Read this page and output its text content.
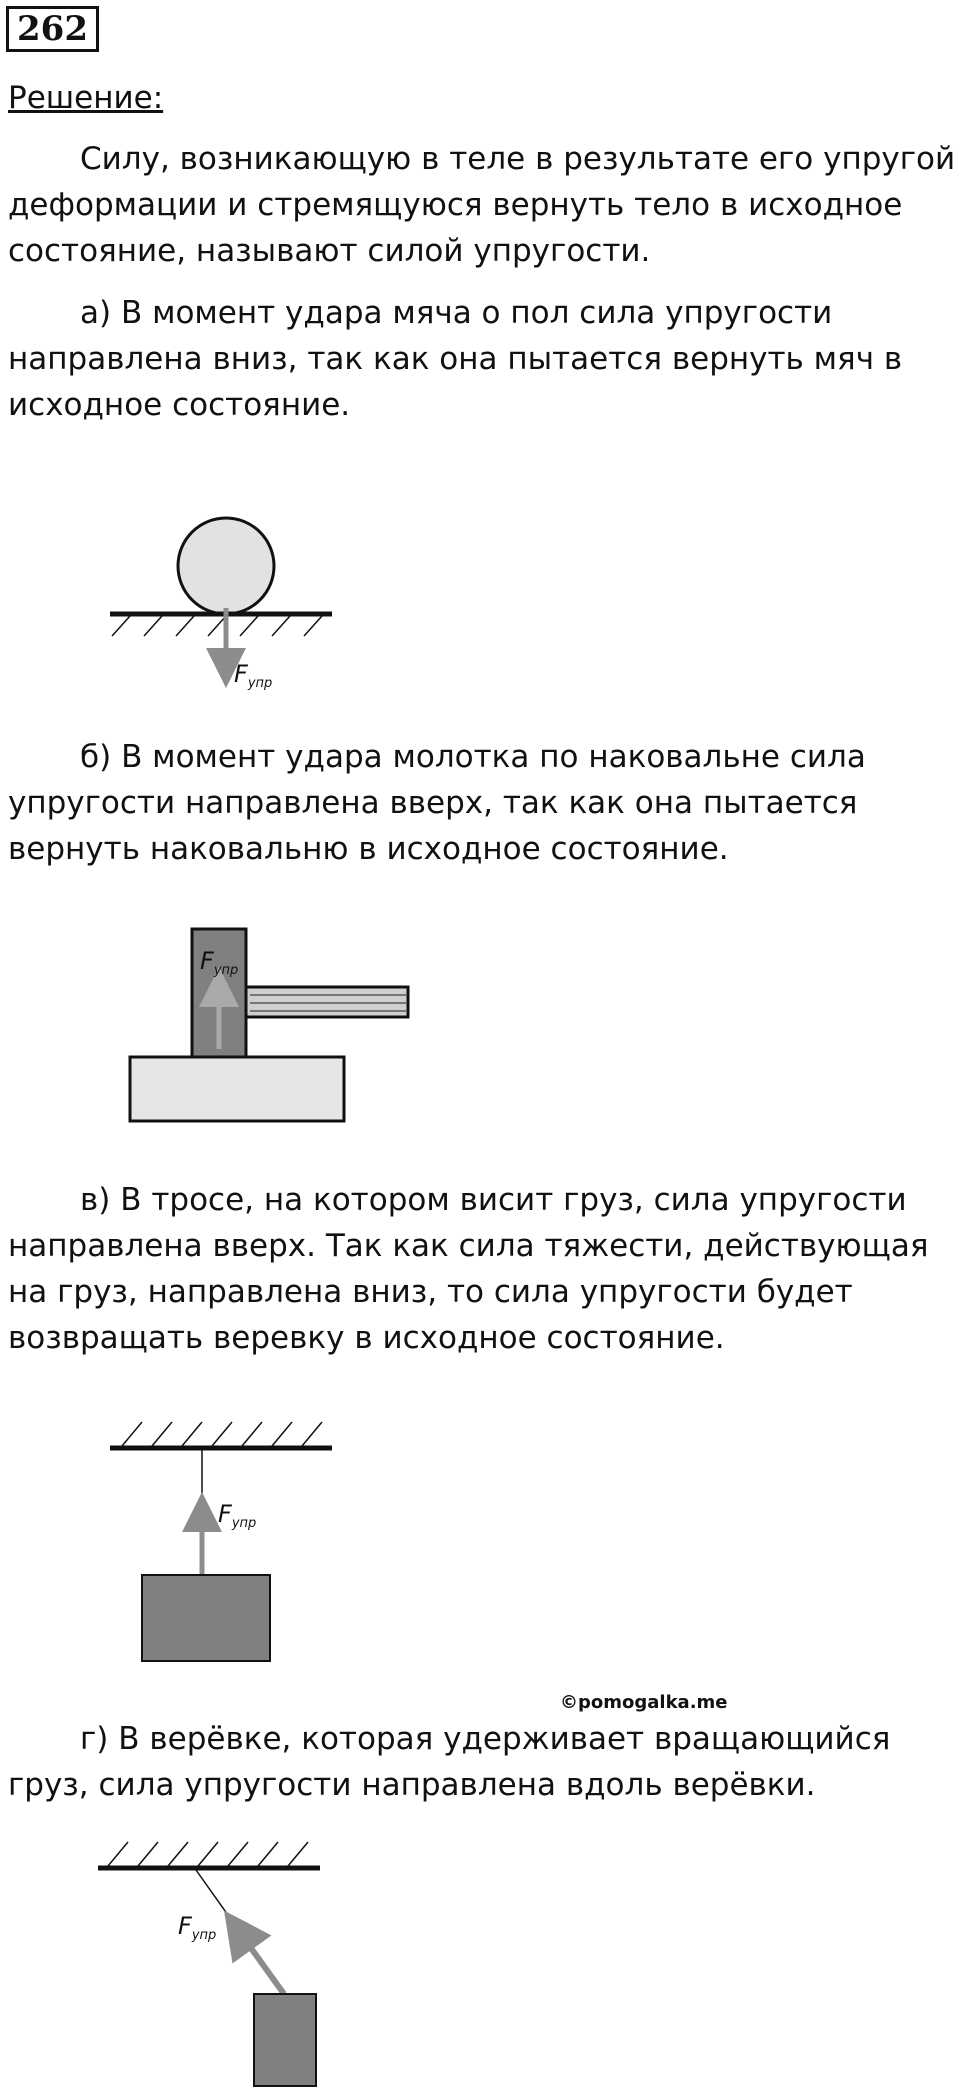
262
Решение:

Силу, возникающую в теле в результате его упругой деформации и стремящуюся вернуть тело в исходное состояние, называют силой упругости.

а) В момент удара мяча о пол сила упругости направлена вниз, так как она пытается вернуть мяч в исходное состояние.

$F_{упр}$

б) В момент удара молотка по наковальне сила упругости направлена вверх, так как она пытается вернуть наковальню в исходное состояние.

$F_{упр}$

в) В тросе, на котором висит груз, сила упругости направлена вверх. Так как сила тяжести, действующая на груз, направлена вниз, то сила упругости будет возвращать веревку в исходное состояние.

$F_{упр}$
©pomogalka.me

г) В верёвке, которая удерживает вращающийся груз, сила упругости направлена вдоль верёвки.

$F_{упр}$
